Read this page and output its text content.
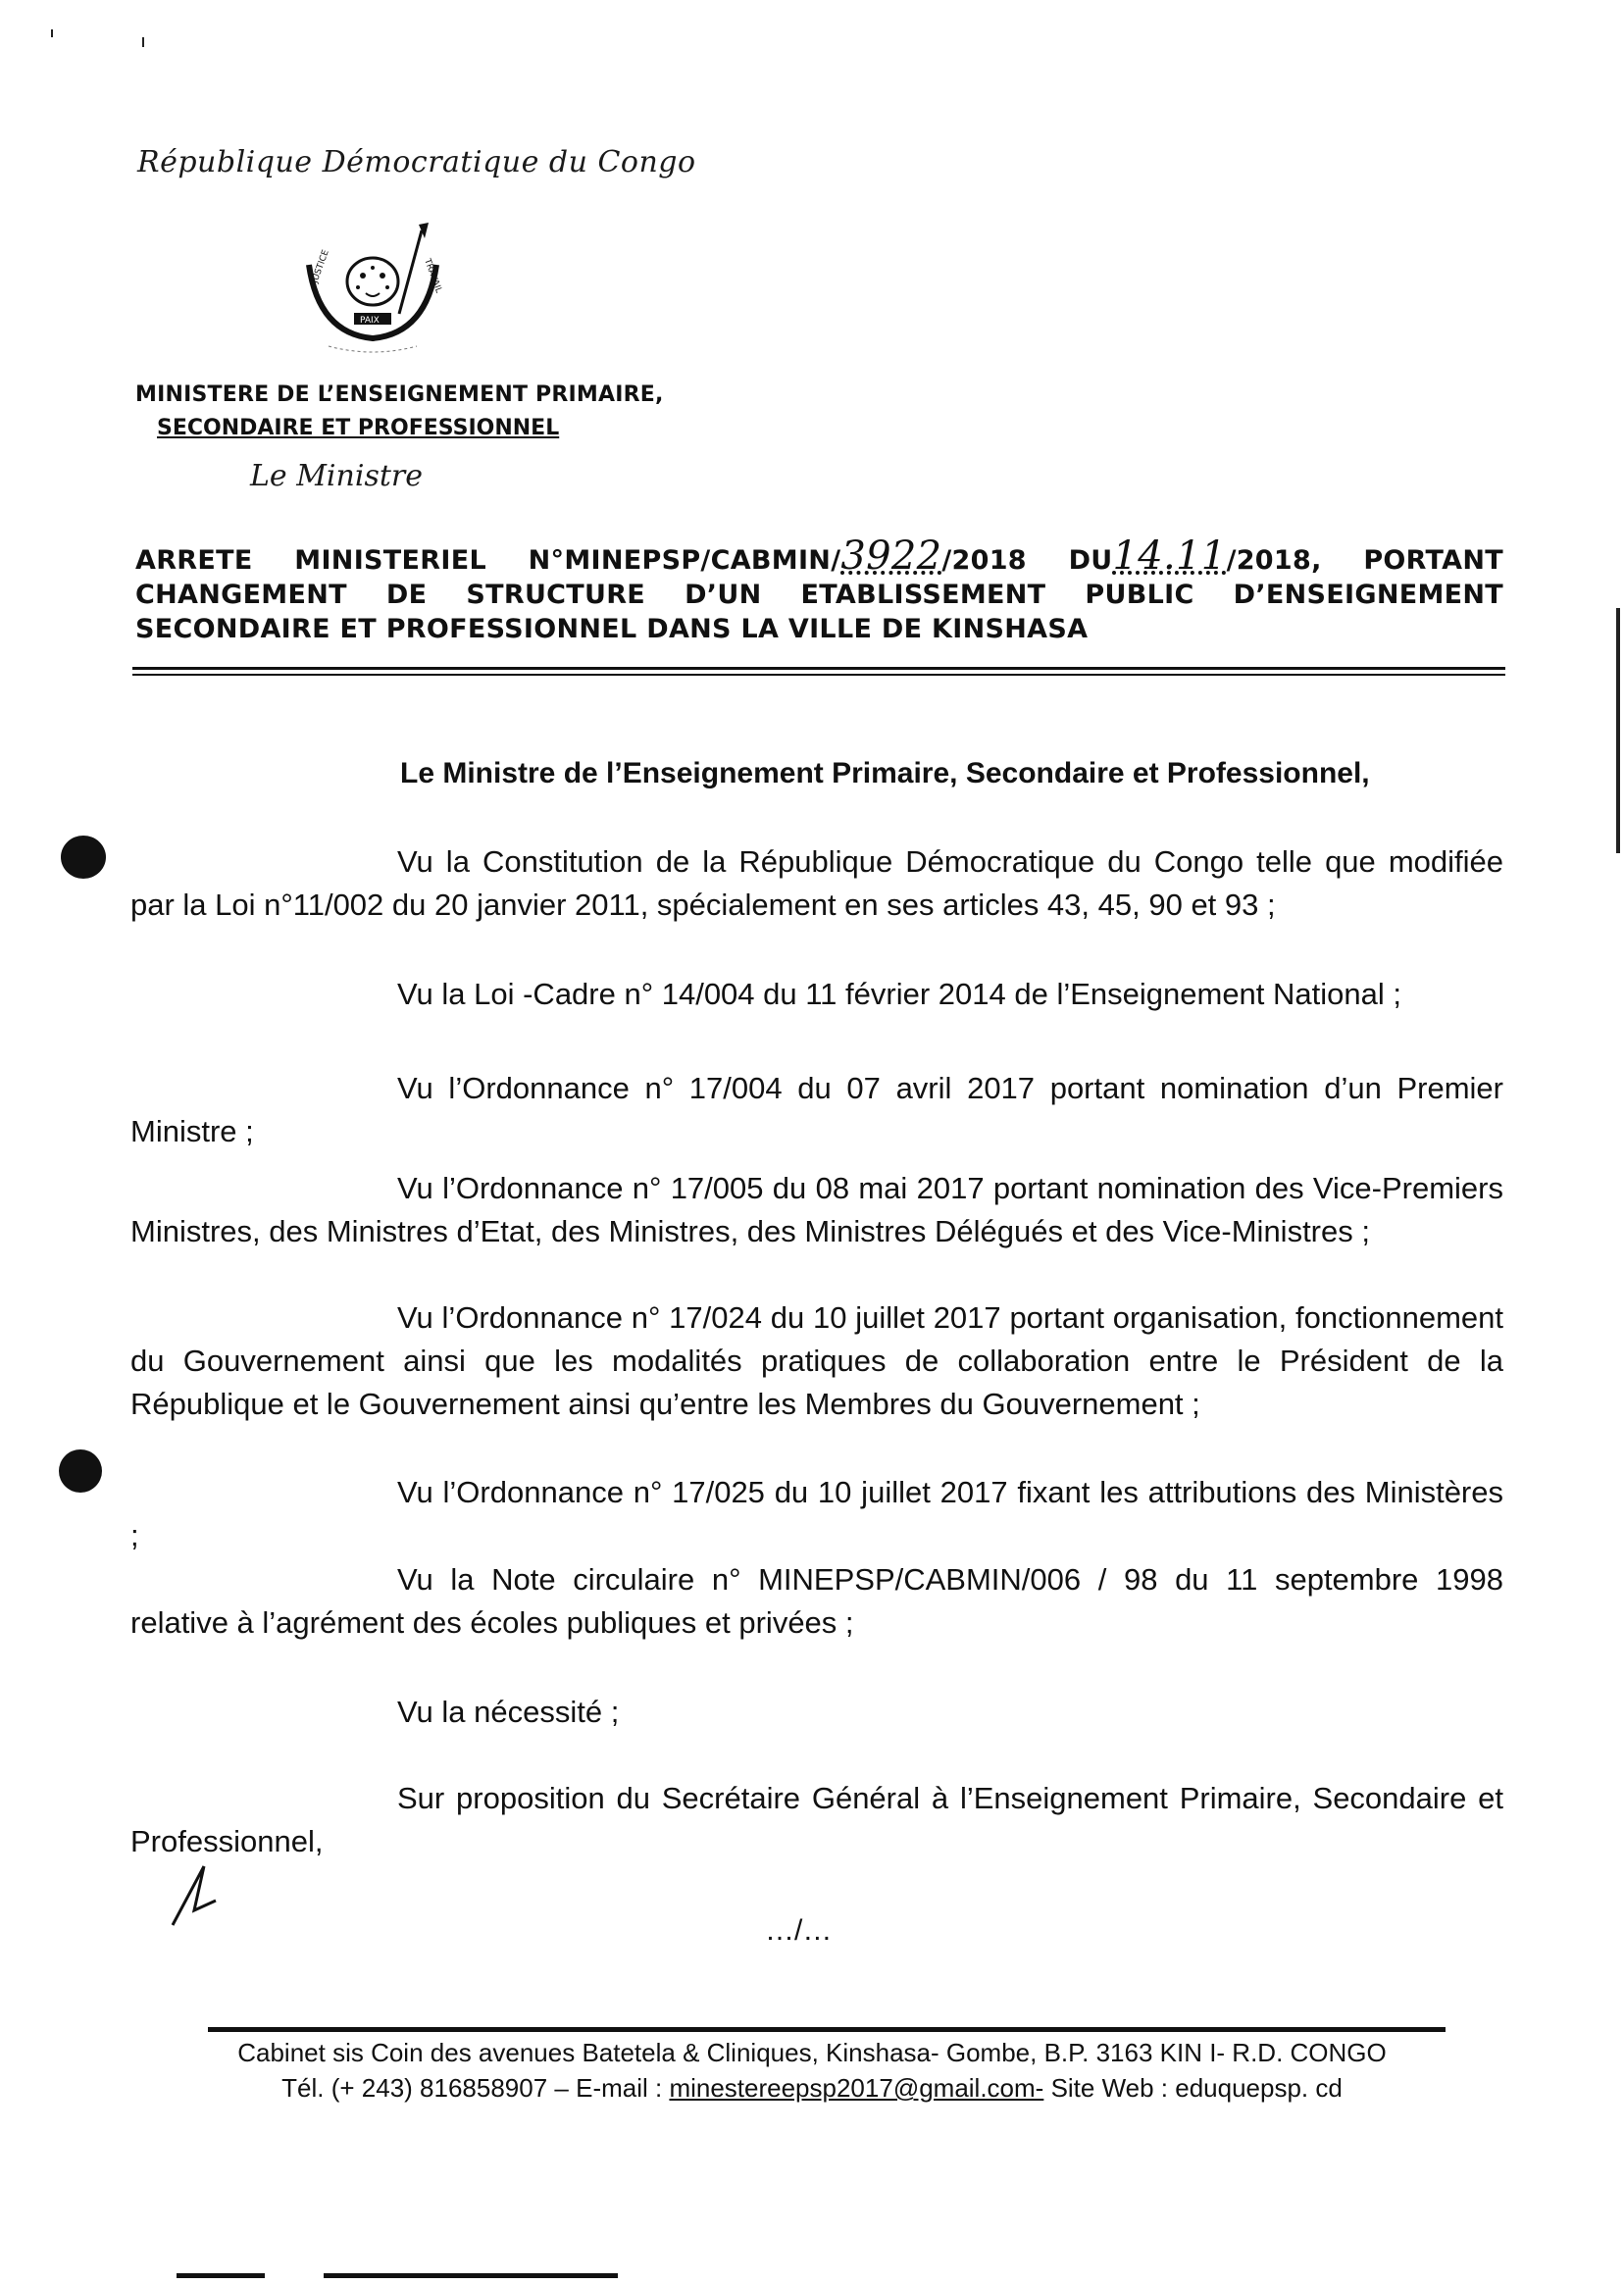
République Démocratique du Congo
JUSTICE	TRAVAIL
PAIX
MINISTERE DE L’ENSEIGNEMENT PRIMAIRE,
SECONDAIRE ET PROFESSIONNEL
Le Ministre
ARRETE MINISTERIEL N°MINEPSP/CABMIN/3922/2018 DU14.11/2018, PORTANT CHANGEMENT DE STRUCTURE D’UN ETABLISSEMENT PUBLIC D’ENSEIGNEMENT SECONDAIRE ET PROFESSIONNEL DANS LA VILLE DE KINSHASA
Le Ministre de l’Enseignement Primaire, Secondaire et Professionnel,
Vu la Constitution de la République Démocratique du Congo telle que modifiée par la Loi n°11/002 du 20 janvier 2011, spécialement en ses articles 43, 45, 90 et 93 ;
Vu la Loi -Cadre n° 14/004 du 11 février 2014 de l’Enseignement National ;
Vu l’Ordonnance n° 17/004 du 07 avril 2017 portant nomination d’un Premier Ministre ;
Vu l’Ordonnance n° 17/005 du 08 mai 2017 portant nomination des Vice-Premiers Ministres, des Ministres d’Etat, des Ministres, des Ministres Délégués et des Vice-Ministres ;
Vu l’Ordonnance n° 17/024 du 10 juillet 2017 portant organisation, fonctionnement du Gouvernement ainsi que les modalités pratiques de collaboration entre le Président de la République et le Gouvernement ainsi qu’entre les Membres du Gouvernement ;
Vu l’Ordonnance n° 17/025 du 10 juillet 2017 fixant les attributions des Ministères ;
Vu la Note circulaire n° MINEPSP/CABMIN/006 / 98 du 11 septembre 1998 relative à l’agrément des écoles publiques et privées ;
Vu la nécessité ;
Sur proposition du Secrétaire Général à l’Enseignement Primaire, Secondaire et Professionnel,
…/…
Cabinet sis Coin des avenues Batetela & Cliniques, Kinshasa- Gombe, B.P. 3163 KIN I- R.D. CONGO
Tél. (+ 243) 816858907 – E-mail : minestereepsp2017@gmail.com- Site Web : eduquepsp. cd
